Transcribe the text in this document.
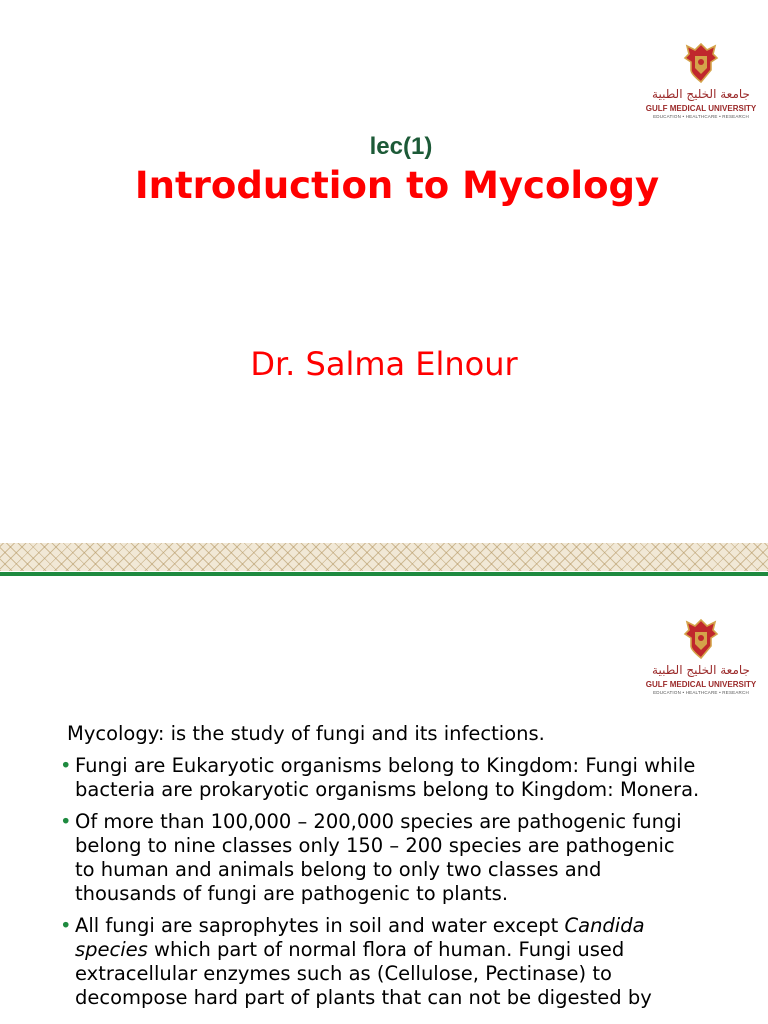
جامعة الخليج الطبية
GULF MEDICAL UNIVERSITY
EDUCATION • HEALTHCARE • RESEARCH
lec(1)
Introduction to Mycology
Dr. Salma Elnour
جامعة الخليج الطبية
GULF MEDICAL UNIVERSITY
EDUCATION • HEALTHCARE • RESEARCH
Mycology: is the study of fungi and its infections.
• Fungi are Eukaryotic organisms belong to Kingdom: Fungi while bacteria are prokaryotic organisms belong to Kingdom: Monera.
• Of more than 100,000 – 200,000 species are pathogenic fungi belong to nine classes only 150 – 200 species are pathogenic to human and animals belong to only two classes and thousands of fungi are pathogenic to plants.
• All fungi are saprophytes in soil and water except Candida species which part of normal flora of human. Fungi used extracellular enzymes such as (Cellulose, Pectinase) to decompose hard part of plants that can not be digested by
